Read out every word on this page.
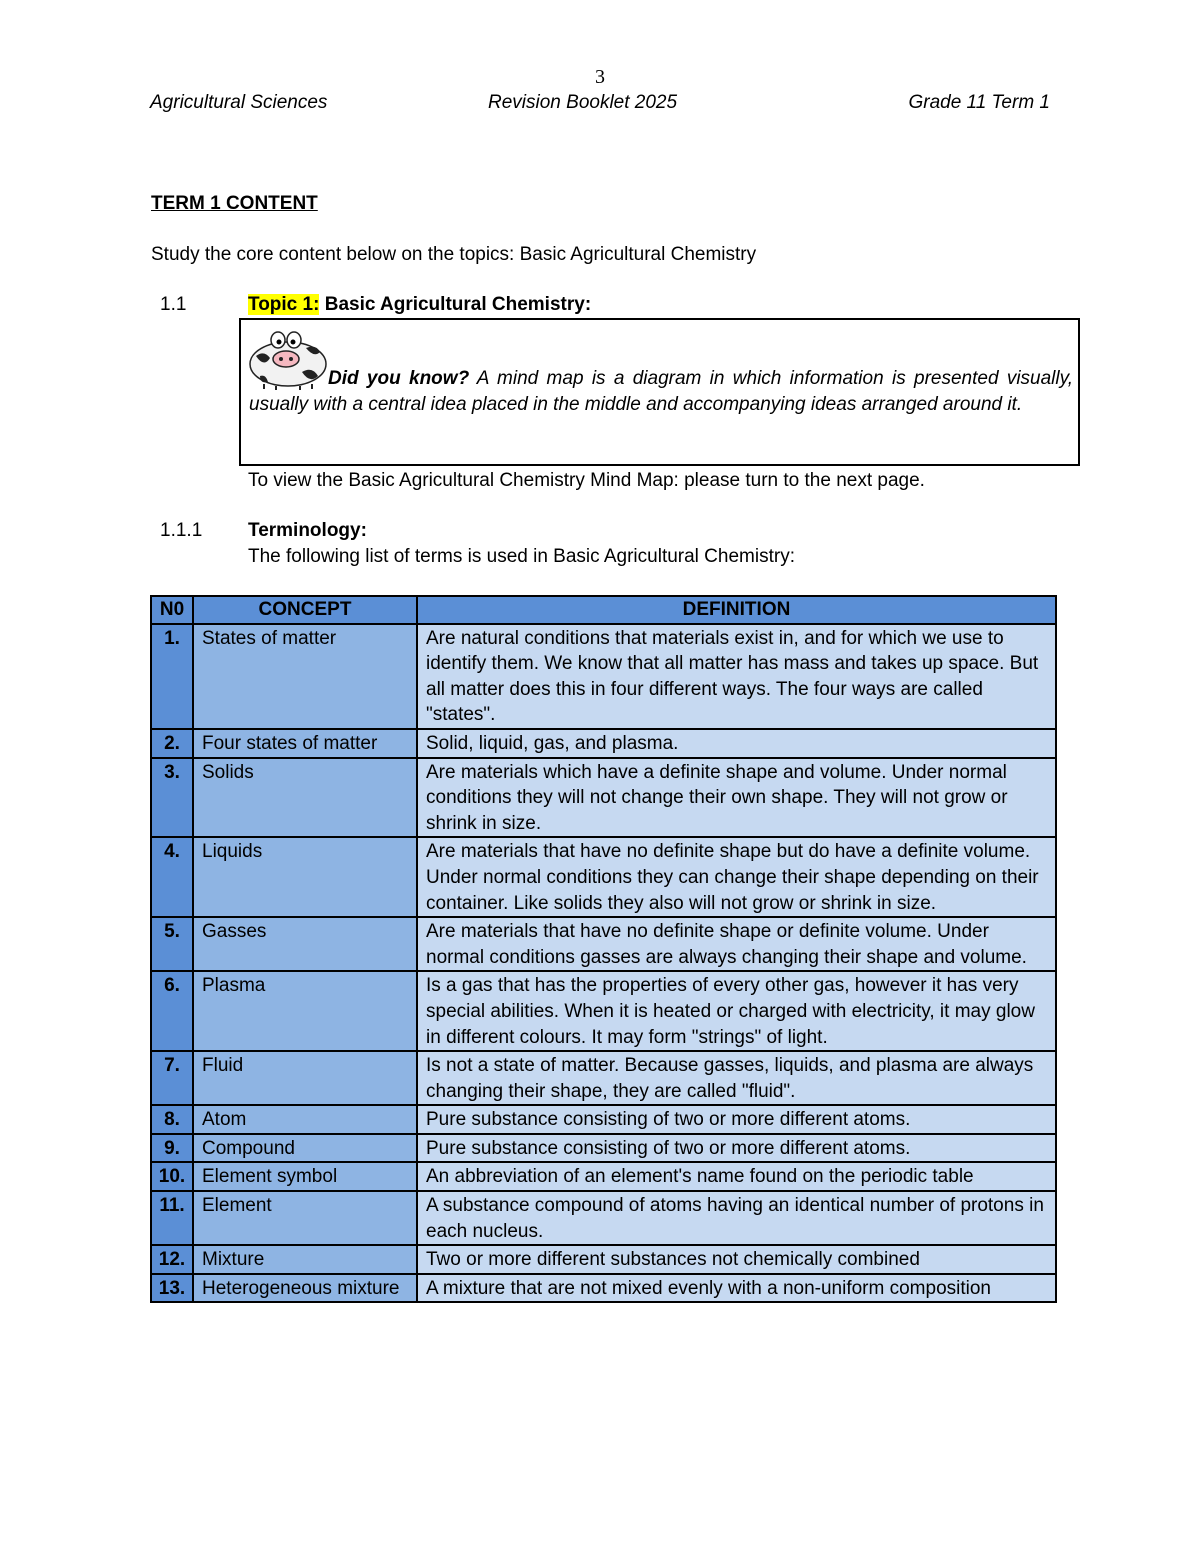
3
Agricultural Sciences	Revision Booklet 2025	Grade 11 Term 1
TERM 1 CONTENT
Study the core content below on the topics: Basic Agricultural Chemistry
1.1	Topic 1: Basic Agricultural Chemistry:
Did you know? A mind map is a diagram in which information is presented visually, usually with a central idea placed in the middle and accompanying ideas arranged around it.
To view the Basic Agricultural Chemistry Mind Map: please turn to the next page.
1.1.1 Terminology:
The following list of terms is used in Basic Agricultural Chemistry:
N0	CONCEPT	DEFINITION
1.	States of matter	Are natural conditions that materials exist in, and for which we use to identify them. We know that all matter has mass and takes up space. But all matter does this in four different ways. The four ways are called "states".
2.	Four states of matter	Solid, liquid, gas, and plasma.
3.	Solids	Are materials which have a definite shape and volume. Under normal conditions they will not change their own shape. They will not grow or shrink in size.
4.	Liquids	Are materials that have no definite shape but do have a definite volume. Under normal conditions they can change their shape depending on their container. Like solids they also will not grow or shrink in size.
5.	Gasses	Are materials that have no definite shape or definite volume. Under normal conditions gasses are always changing their shape and volume.
6.	Plasma	Is a gas that has the properties of every other gas, however it has very special abilities. When it is heated or charged with electricity, it may glow in different colours. It may form "strings" of light.
7.	Fluid	Is not a state of matter. Because gasses, liquids, and plasma are always changing their shape, they are called "fluid".
8.	Atom	Pure substance consisting of two or more different atoms.
9.	Compound	Pure substance consisting of two or more different atoms.
10.	Element symbol	An abbreviation of an element's name found on the periodic table
11.	Element	A substance compound of atoms having an identical number of protons in each nucleus.
12.	Mixture	Two or more different substances not chemically combined
13.	Heterogeneous mixture	A mixture that are not mixed evenly with a non-uniform composition
